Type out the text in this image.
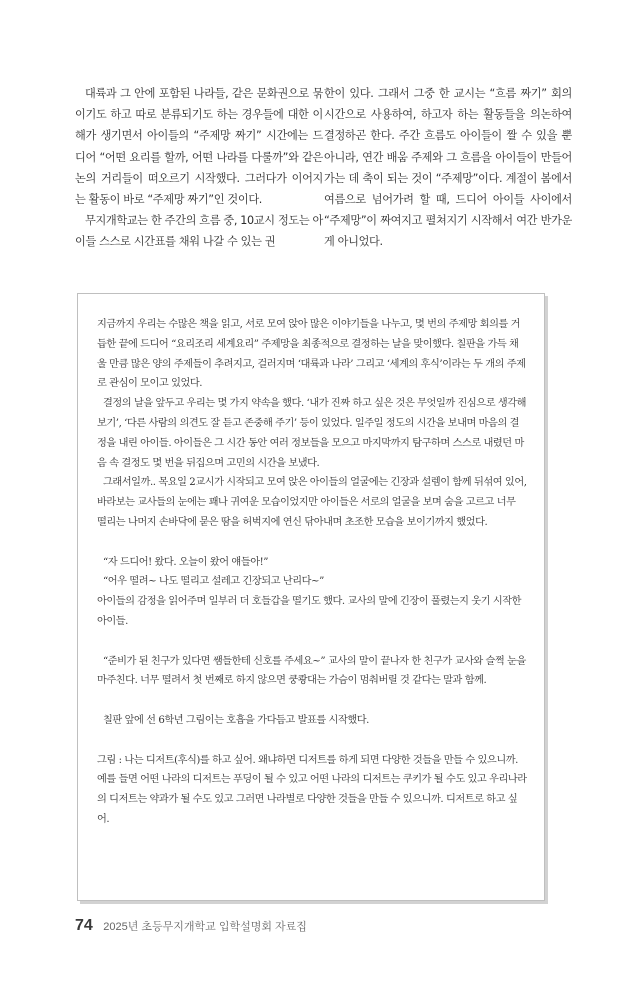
대륙과 그 안에 포함된 나라들, 같은 문화권으로 묶이기도 하고 따로 분류되기도 하는 경우들에 대한 이해가 생기면서 아이들의 “주제망 짜기” 시간에는 드디어 “어떤 요리를 할까, 어떤 나라를 다룰까”와 같은 논의 거리들이 떠오르기 시작했다. 그러다가 이어지는 활동이 바로 “주제망 짜기”인 것이다.

무지개학교는 한 주간의 흐름 중, 10교시 정도는 아이들 스스로 시간표를 채워 나갈 수 있는 권

한이 있다. 그래서 그중 한 교시는 “흐름 짜기” 회의 시간으로 사용하여, 하고자 하는 활동들을 의논하여 결정하곤 한다. 주간 흐름도 아이들이 짤 수 있을 뿐 아니라, 연간 배움 주제와 그 흐름을 아이들이 만들어 가는 데 축이 되는 것이 “주제망”이다. 계절이 봄에서 여름으로 넘어가려 할 때, 드디어 아이들 사이에서 “주제망”이 짜여지고 펼쳐지기 시작해서 여간 반가운 게 아니었다.

지금까지 우리는 수많은 책을 읽고, 서로 모여 앉아 많은 이야기들을 나누고, 몇 번의 주제망 회의를 거듭한 끝에 드디어 “요리조리 세계요리” 주제망을 최종적으로 결정하는 날을 맞이했다. 칠판을 가득 채울 만큼 많은 양의 주제들이 추려지고, 걸러지며 ‘대륙과 나라’ 그리고 ‘세계의 후식’이라는 두 개의 주제로 관심이 모이고 있었다.

결정의 날을 앞두고 우리는 몇 가지 약속을 했다. ‘내가 진짜 하고 싶은 것은 무엇일까 진심으로 생각해 보기’, ‘다른 사람의 의견도 잘 듣고 존중해 주기’ 등이 있었다. 일주일 정도의 시간을 보내며 마음의 결정을 내린 아이들. 아이들은 그 시간 동안 여러 정보들을 모으고 마지막까지 탐구하며 스스로 내렸던 마음 속 결정도 몇 번을 뒤집으며 고민의 시간을 보냈다.

그래서일까.. 목요일 2교시가 시작되고 모여 앉은 아이들의 얼굴에는 긴장과 설렘이 함께 뒤섞여 있어, 바라보는 교사들의 눈에는 꽤나 귀여운 모습이었지만 아이들은 서로의 얼굴을 보며 숨을 고르고 너무 떨리는 나머지 손바닥에 묻은 땀을 허벅지에 연신 닦아내며 초조한 모습을 보이기까지 했었다.

“자 드디어! 왔다. 오늘이 왔어 얘들아!”

“어우 떨려~ 나도 떨리고 설레고 긴장되고 난리다~”

아이들의 감정을 읽어주며 일부러 더 호들갑을 떨기도 했다. 교사의 말에 긴장이 풀렸는지 웃기 시작한 아이들.

“준비가 된 친구가 있다면 쌤들한테 신호를 주세요~” 교사의 말이 끝나자 한 친구가 교사와 슬쩍 눈을 마주친다. 너무 떨려서 첫 번째로 하지 않으면 쿵쾅대는 가슴이 멈춰버릴 것 같다는 말과 함께.

칠판 앞에 선 6학년 그림이는 호흡을 가다듬고 발표를 시작했다.

그림 : 나는 디저트(후식)를 하고 싶어. 왜냐하면 디저트를 하게 되면 다양한 것들을 만들 수 있으니까. 예를 들면 어떤 나라의 디저트는 푸딩이 될 수 있고 어떤 나라의 디저트는 쿠키가 될 수도 있고 우리나라의 디저트는 약과가 될 수도 있고 그러면 나라별로 다양한 것들을 만들 수 있으니까. 디저트로 하고 싶어.

74 2025년 초등무지개학교 입학설명회 자료집
